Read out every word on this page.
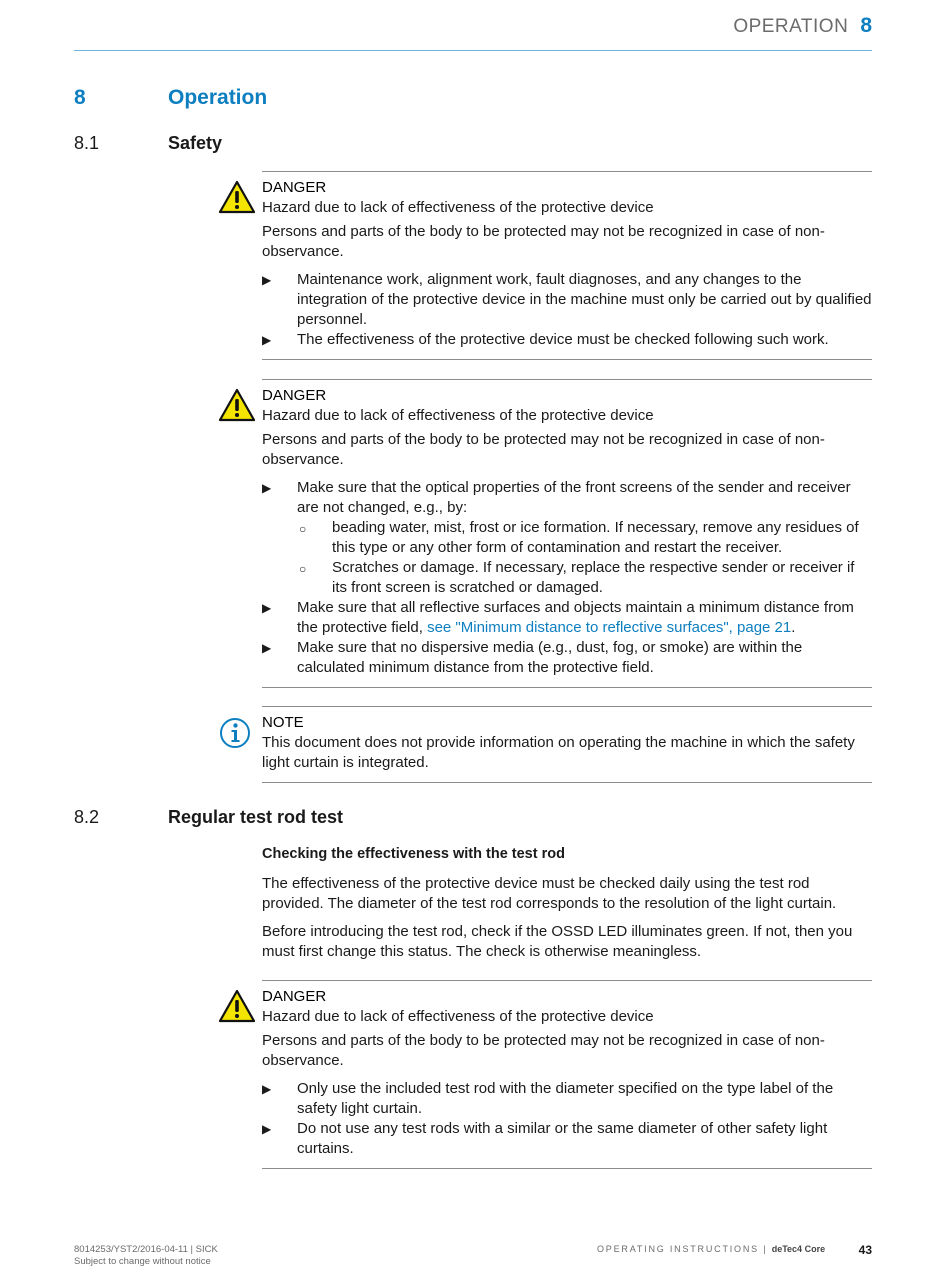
OPERATION 8
8	Operation
8.1	Safety
DANGER
Hazard due to lack of effectiveness of the protective device

Persons and parts of the body to be protected may not be recognized in case of non-observance.

▶ Maintenance work, alignment work, fault diagnoses, and any changes to the integration of the protective device in the machine must only be carried out by qualified personnel.
▶ The effectiveness of the protective device must be checked following such work.
DANGER
Hazard due to lack of effectiveness of the protective device

Persons and parts of the body to be protected may not be recognized in case of non-observance.

▶ Make sure that the optical properties of the front screens of the sender and receiver are not changed, e.g., by:
○ beading water, mist, frost or ice formation. If necessary, remove any residues of this type or any other form of contamination and restart the receiver.
○ Scratches or damage. If necessary, replace the respective sender or receiver if its front screen is scratched or damaged.
▶ Make sure that all reflective surfaces and objects maintain a minimum distance from the protective field, see "Minimum distance to reflective surfaces", page 21.
▶ Make sure that no dispersive media (e.g., dust, fog, or smoke) are within the calculated minimum distance from the protective field.
NOTE

This document does not provide information on operating the machine in which the safety light curtain is integrated.

8.2	Regular test rod test
Checking the effectiveness with the test rod

The effectiveness of the protective device must be checked daily using the test rod provided. The diameter of the test rod corresponds to the resolution of the light curtain.

Before introducing the test rod, check if the OSSD LED illuminates green. If not, then you must first change this status. The check is otherwise meaningless.

DANGER
Hazard due to lack of effectiveness of the protective device

Persons and parts of the body to be protected may not be recognized in case of non-observance.

▶ Only use the included test rod with the diameter specified on the type label of the safety light curtain.
▶ Do not use any test rods with a similar or the same diameter of other safety light curtains.
8014253/YST2/2016-04-11 | SICK
Subject to change without notice
OPERATING INSTRUCTIONS | deTec4 Core	43
